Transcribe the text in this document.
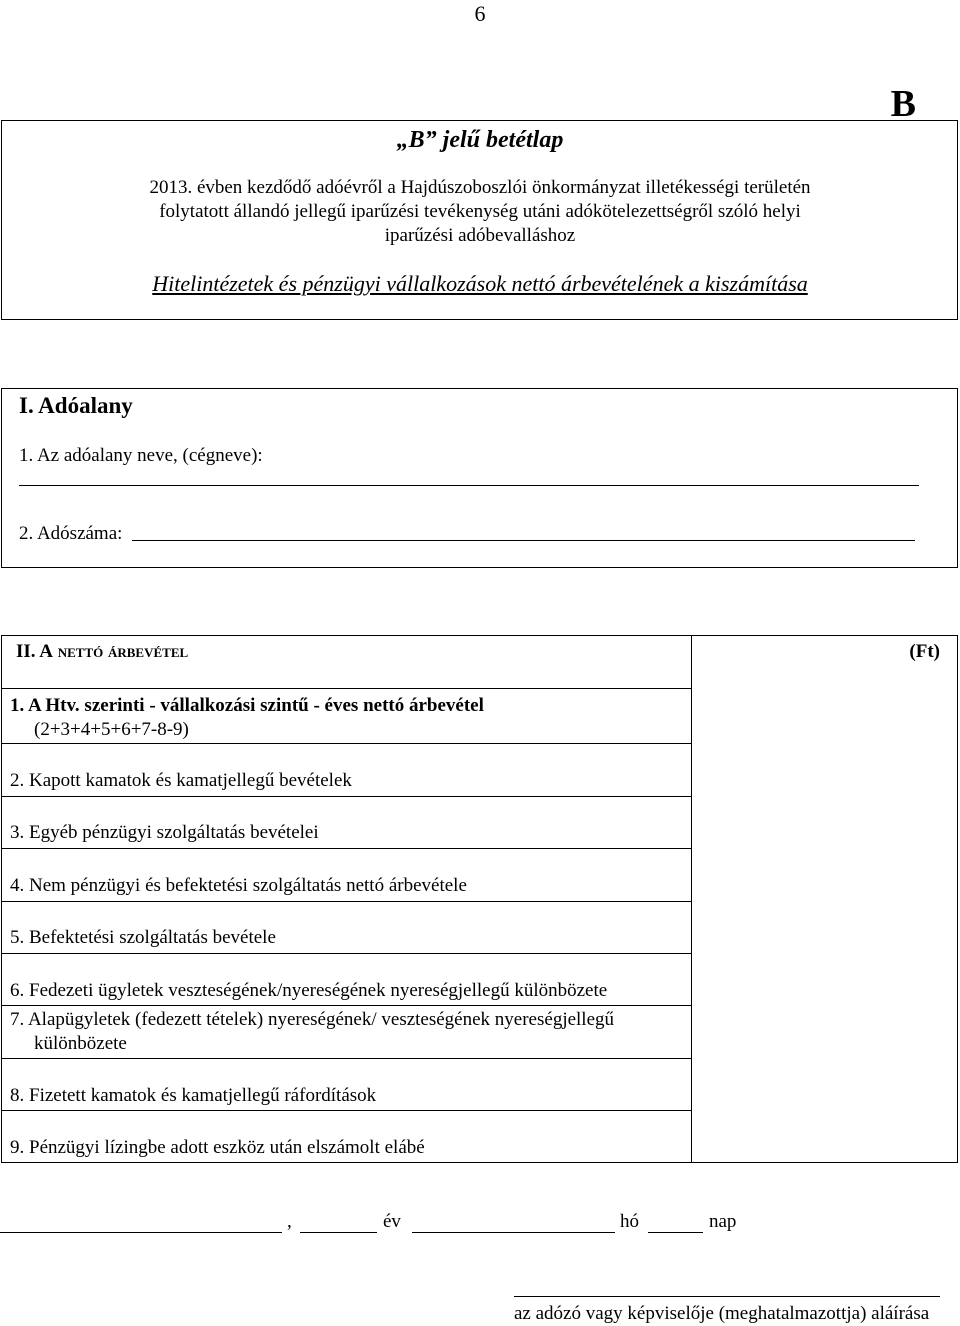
6
B
„B” jelű betétlap
2013. évben kezdődő adóévről a Hajdúszoboszlói önkormányzat illetékességi területén
folytatott állandó jellegű iparűzési tevékenység utáni adókötelezettségről szóló helyi
iparűzési adóbevalláshoz
Hitelintézetek és pénzügyi vállalkozások nettó árbevételének a kiszámítása
I. Adóalany
1. Az adóalany neve, (cégneve):
2. Adószáma:
II. A nettó árbevétel	(Ft)
1. A Htv. szerinti - vállalkozási szintű - éves nettó árbevétel
(2+3+4+5+6+7-8-9)
2. Kapott kamatok és kamatjellegű bevételek
3. Egyéb pénzügyi szolgáltatás bevételei
4. Nem pénzügyi és befektetési szolgáltatás nettó árbevétele
5. Befektetési szolgáltatás bevétele
6. Fedezeti ügyletek veszteségének/nyereségének nyereségjellegű különbözete
7. Alapügyletek (fedezett tételek) nyereségének/ veszteségének nyereségjellegű
különbözete
8. Fizetett kamatok és kamatjellegű ráfordítások
9. Pénzügyi lízingbe adott eszköz után elszámolt elábé
,	év	hó	nap
az adózó vagy képviselője (meghatalmazottja) aláírása
